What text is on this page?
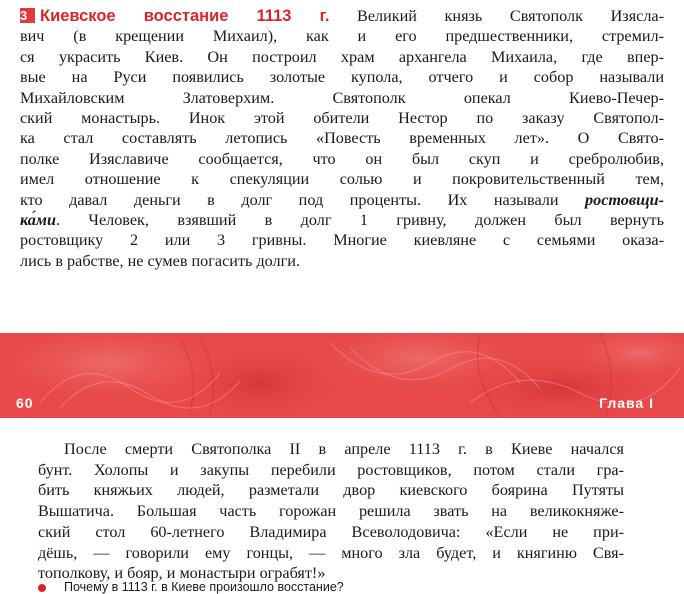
3 Киевское восстание 1113 г. Великий князь Святополк Изясла-
вич (в крещении Михаил), как и его предшественники, стремил-
ся украсить Киев. Он построил храм архангела Михаила, где впер-
вые на Руси появились золотые купола, отчего и собор называли
Михайловским Златоверхим. Святополк опекал Киево-Печер-
ский монастырь. Инок этой обители Нестор по заказу Святопол-
ка стал составлять летопись «Повесть временных лет». О Свято-
полке Изяславиче сообщается, что он был скуп и сребролюбив,
имел отношение к спекуляции солью и покровительственный тем,
кто давал деньги в долг под проценты. Их называли ростовщи-
ка́ми. Человек, взявший в долг 1 гривну, должен был вернуть
ростовщику 2 или 3 гривны. Многие киевляне с семьями оказа-
лись в рабстве, не сумев погасить долги.
60	Глава I
После смерти Святополка II в апреле 1113 г. в Киеве начался
бунт. Холопы и закупы перебили ростовщиков, потом стали гра-
бить княжьих людей, разметали двор киевского боярина Путяты
Вышатича. Большая часть горожан решила звать на великокняже-
ский стол 60-летнего Владимира Всеволодовича: «Если не при-
дёшь, — говорили ему гонцы, — много зла будет, и княгиню Свя-
тополкову, и бояр, и монастыри ограбят!»
Почему в 1113 г. в Киеве произошло восстание?
